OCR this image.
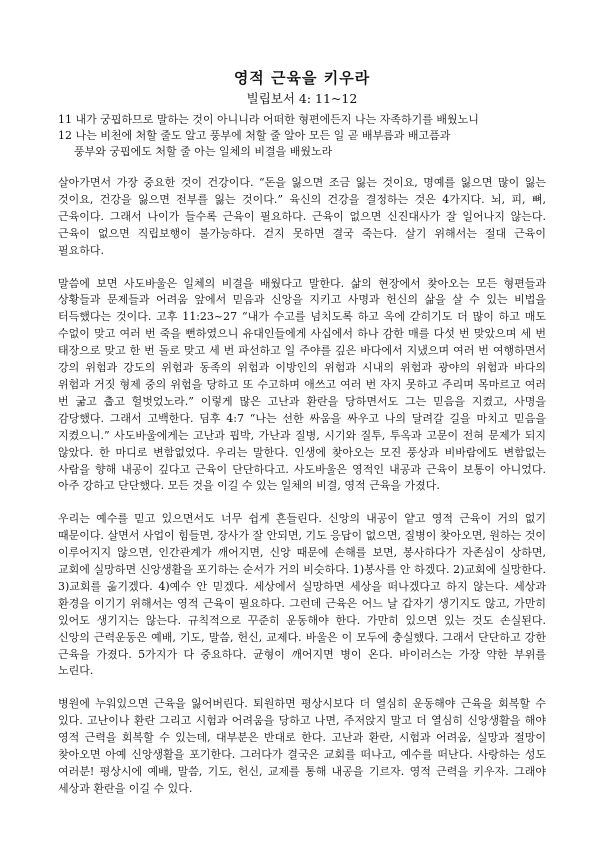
영적 근육을 키우라
빌립보서 4: 11~12

11 내가 궁핍하므로 말하는 것이 아니니라 어떠한 형편에든지 나는 자족하기를 배웠노니

12 나는 비천에 처할 줄도 알고 풍부에 처할 줄 알아 모든 일 곧 배부름과 배고픔과

풍부와 궁핍에도 처할 줄 아는 일체의 비결을 배웠노라

살아가면서 가장 중요한 것이 건강이다. “돈을 잃으면 조금 잃는 것이요, 명예를 잃으면 많이 잃는 것이요, 건강을 잃으면 전부를 잃는 것이다.” 육신의 건강을 결정하는 것은 4가지다. 뇌, 피, 뼈, 근육이다. 그래서 나이가 들수록 근육이 필요하다. 근육이 없으면 신진대사가 잘 일어나지 않는다. 근육이 없으면 직립보행이 불가능하다. 걷지 못하면 결국 죽는다. 살기 위해서는 절대 근육이 필요하다.

말씀에 보면 사도바울은 일체의 비결을 배웠다고 말한다. 삶의 현장에서 찾아오는 모든 형편들과 상황들과 문제들과 어려움 앞에서 믿음과 신앙을 지키고 사명과 헌신의 삶을 살 수 있는 비법을 터득했다는 것이다. 고후 11:23~27 “내가 수고를 넘치도록 하고 옥에 갇히기도 더 많이 하고 매도 수없이 맞고 여러 번 죽을 뻔하였으니 유대인들에게 사십에서 하나 감한 매를 다섯 번 맞았으며 세 번 태장으로 맞고 한 번 돌로 맞고 세 번 파선하고 일 주야를 깊은 바다에서 지냈으며 여러 번 여행하면서 강의 위험과 강도의 위험과 동족의 위험과 이방인의 위험과 시내의 위험과 광야의 위험과 바다의 위험과 거짓 형제 중의 위험을 당하고 또 수고하며 애쓰고 여러 번 자지 못하고 주리며 목마르고 여러 번 굶고 춥고 헐벗었노라.” 이렇게 많은 고난과 환란을 당하면서도 그는 믿음을 지켰고, 사명을 감당했다. 그래서 고백한다. 딤후 4:7 “나는 선한 싸움을 싸우고 나의 달려갈 길을 마치고 믿음을 지켰으니.” 사도바울에게는 고난과 핍박, 가난과 질병, 시기와 질투, 투옥과 고문이 전혀 문제가 되지 않았다. 한 마디로 변함없었다. 우리는 말한다. 인생에 찾아오는 모진 풍상과 비바람에도 변함없는 사람을 향해 내공이 깊다고 근육이 단단하다고. 사도바울은 영적인 내공과 근육이 보통이 아니었다. 아주 강하고 단단했다. 모든 것을 이길 수 있는 일체의 비결, 영적 근육을 가졌다.

우리는 예수를 믿고 있으면서도 너무 쉽게 흔들린다. 신앙의 내공이 얕고 영적 근육이 거의 없기 때문이다. 살면서 사업이 힘들면, 장사가 잘 안되면, 기도 응답이 없으면, 질병이 찾아오면, 원하는 것이 이루어지지 않으면, 인간관계가 깨어지면, 신앙 때문에 손해를 보면, 봉사하다가 자존심이 상하면, 교회에 실망하면 신앙생활을 포기하는 순서가 거의 비슷하다. 1)봉사를 안 하겠다. 2)교회에 실망한다. 3)교회를 옮기겠다. 4)예수 안 믿겠다. 세상에서 실망하면 세상을 떠나겠다고 하지 않는다. 세상과 환경을 이기기 위해서는 영적 근육이 필요하다. 그런데 근육은 어느 날 갑자기 생기지도 않고, 가만히 있어도 생기지는 않는다. 규칙적으로 꾸준히 운동해야 한다. 가만히 있으면 있는 것도 손실된다. 신앙의 근력운동은 예배, 기도, 말씀, 헌신, 교제다. 바울은 이 모두에 충실했다. 그래서 단단하고 강한 근육을 가졌다. 5가지가 다 중요하다. 균형이 깨어지면 병이 온다. 바이러스는 가장 약한 부위를 노린다.

병원에 누워있으면 근육을 잃어버린다. 퇴원하면 평상시보다 더 열심히 운동해야 근육을 회복할 수 있다. 고난이나 환란 그리고 시험과 어려움을 당하고 나면, 주저앉지 말고 더 열심히 신앙생활을 해야 영적 근력을 회복할 수 있는데, 대부분은 반대로 한다. 고난과 환란, 시험과 어려움, 실망과 절망이 찾아오면 아예 신앙생활을 포기한다. 그러다가 결국은 교회를 떠나고, 예수를 떠난다. 사랑하는 성도 여러분! 평상시에 예배, 말씀, 기도, 헌신, 교제를 통해 내공을 기르자. 영적 근력을 키우자. 그래야 세상과 환란을 이길 수 있다.
